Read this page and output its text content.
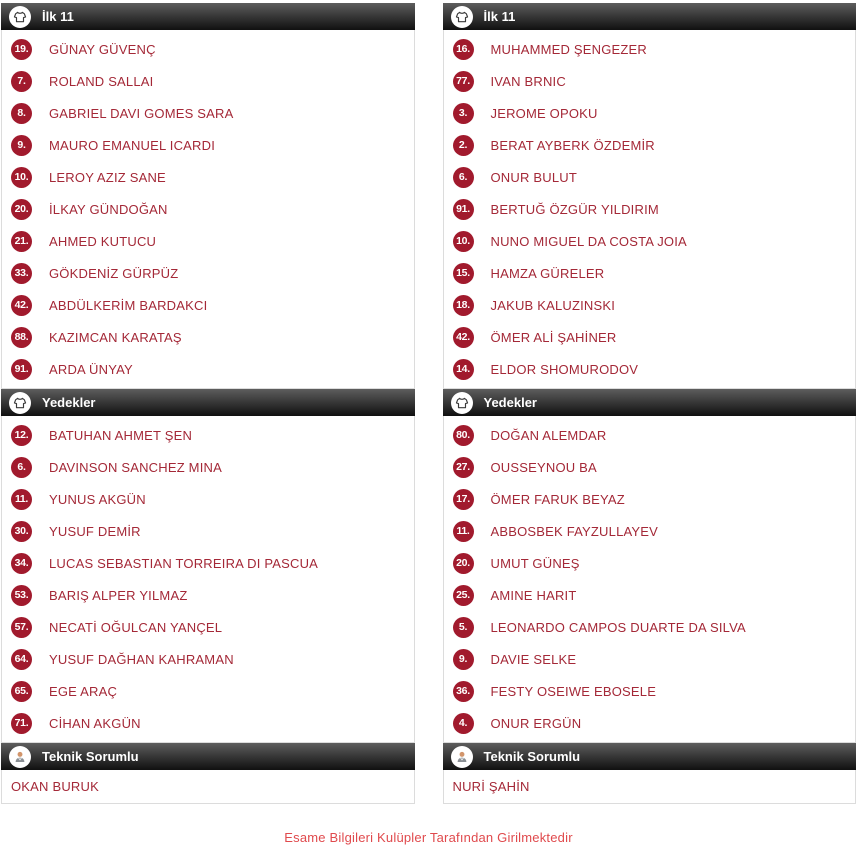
İlk 11
19. GÜNAY GÜVENÇ
7.	ROLAND SALLAI
8.	GABRIEL DAVI GOMES SARA
9.	MAURO EMANUEL ICARDI
10. LEROY AZIZ SANE
20. İLKAY GÜNDOĞAN
21. AHMED KUTUCU
33. GÖKDENİZ GÜRPÜZ
42. ABDÜLKERİM BARDAKCI
88. KAZIMCAN KARATAŞ
91. ARDA ÜNYAY
Yedekler
12. BATUHAN AHMET ŞEN
6.	DAVINSON SANCHEZ MINA
11.	YUNUS AKGÜN
30. YUSUF DEMİR
34. LUCAS SEBASTIAN TORREIRA DI PASCUA
53. BARIŞ ALPER YILMAZ
57. NECATİ OĞULCAN YANÇEL
64. YUSUF DAĞHAN KAHRAMAN
65. EGE ARAÇ
71. CİHAN AKGÜN
Teknik Sorumlu
OKAN BURUK
İlk 11
16. MUHAMMED ŞENGEZER
77. IVAN BRNIC
3.	JEROME OPOKU
2.	BERAT AYBERK ÖZDEMİR
6.	ONUR BULUT
91. BERTUĞ ÖZGÜR YILDIRIM
10. NUNO MIGUEL DA COSTA JOIA
15. HAMZA GÜRELER
18. JAKUB KALUZINSKI
42. ÖMER ALİ ŞAHİNER
14. ELDOR SHOMURODOV
Yedekler
80. DOĞAN ALEMDAR
27. OUSSEYNOU BA
17. ÖMER FARUK BEYAZ
11.	ABBOSBEK FAYZULLAYEV
20. UMUT GÜNEŞ
25. AMINE HARIT
5.	LEONARDO CAMPOS DUARTE DA SILVA
9.	DAVIE SELKE
36. FESTY OSEIWE EBOSELE
4.	ONUR ERGÜN
Teknik Sorumlu
NURİ ŞAHİN
Esame Bilgileri Kulüpler Tarafından Girilmektedir
